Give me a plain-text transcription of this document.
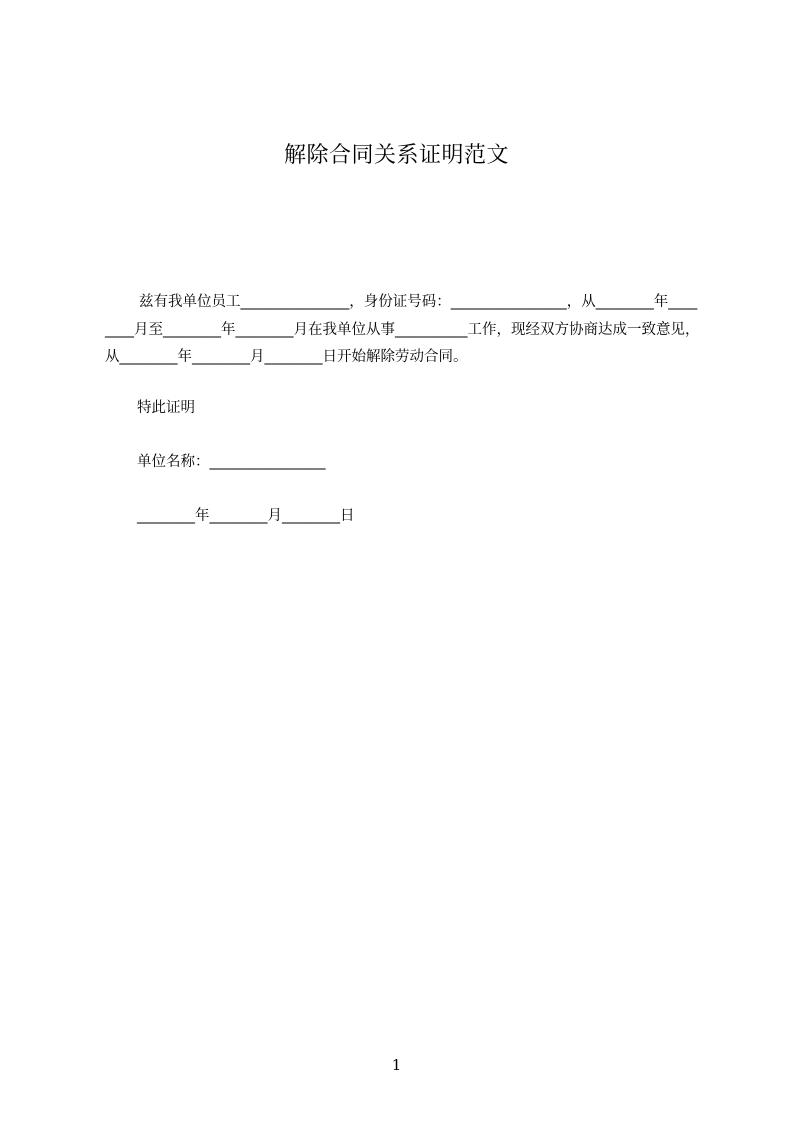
解除合同关系证明范文

兹有我单位员工_______________，身份证号码：________________，从________年________月至________年________月在我单位从事__________工作，现经双方协商达成一致意见，从________年________月________日开始解除劳动合同。

特此证明
单位名称：________________
________年________月________日
1
